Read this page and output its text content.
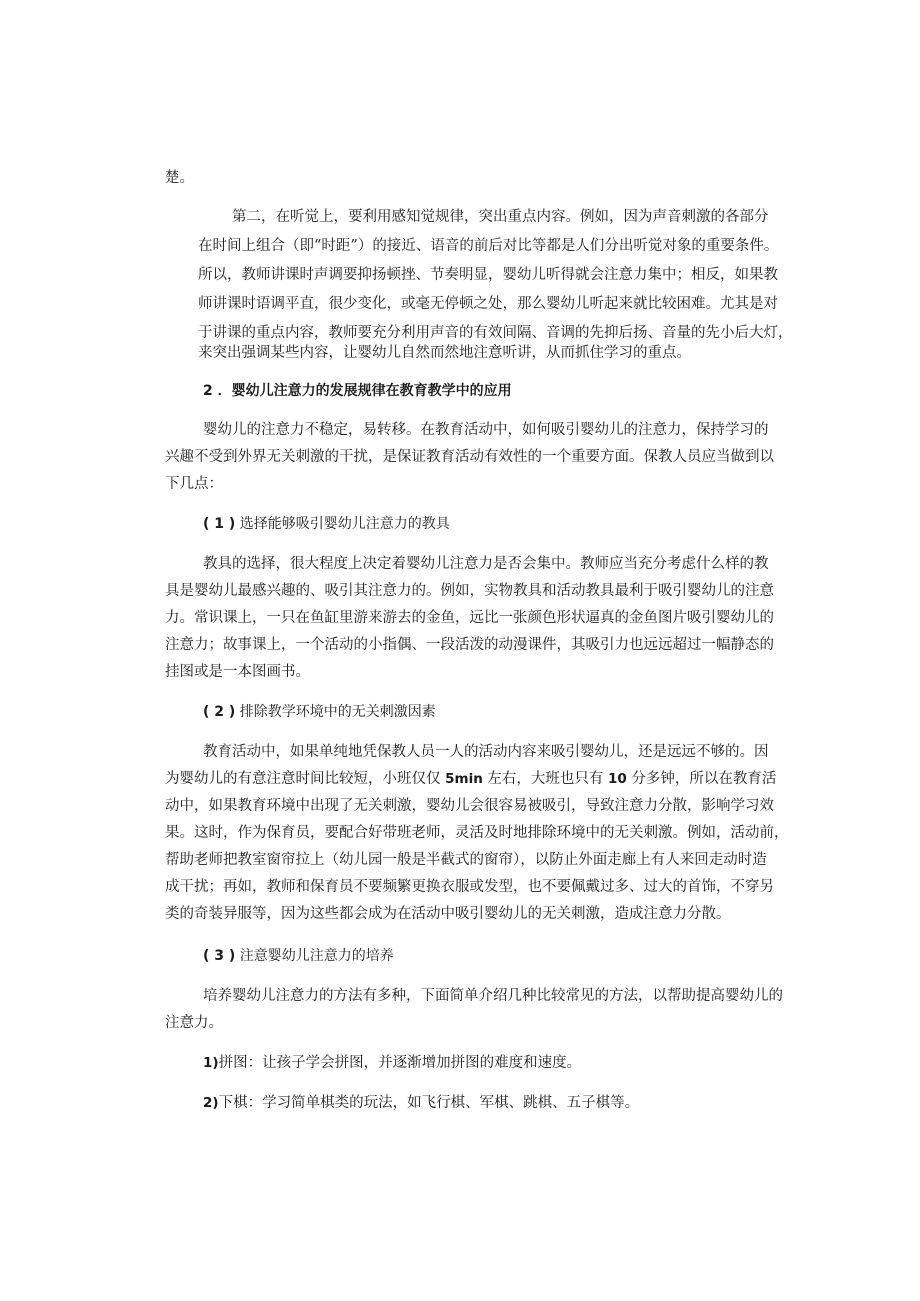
楚。
第二，在听觉上，要利用感知觉规律，突出重点内容。例如，因为声音刺激的各部分
在时间上组合（即“时距”）的接近、语音的前后对比等都是人们分出听觉对象的重要条件。
所以，教师讲课时声调要抑扬顿挫、节奏明显，婴幼儿听得就会注意力集中；相反，如果教
师讲课时语调平直，很少变化，或毫无停顿之处，那么婴幼儿听起来就比较困难。尤其是对
于讲课的重点内容，教师要充分利用声音的有效间隔、音调的先抑后扬、音量的先小后大灯，
来突出强调某些内容，让婴幼儿自然而然地注意听讲，从而抓住学习的重点。
2 ．婴幼儿注意力的发展规律在教育教学中的应用
婴幼儿的注意力不稳定，易转移。在教育活动中，如何吸引婴幼儿的注意力，保持学习的
兴趣不受到外界无关刺激的干扰，是保证教育活动有效性的一个重要方面。保教人员应当做到以
下几点：
( 1 ) 选择能够吸引婴幼儿注意力的教具
教具的选择，很大程度上决定着婴幼儿注意力是否会集中。教师应当充分考虑什么样的教
具是婴幼儿最感兴趣的、吸引其注意力的。例如，实物教具和活动教具最利于吸引婴幼儿的注意
力。常识课上，一只在鱼缸里游来游去的金鱼，远比一张颜色形状逼真的金鱼图片吸引婴幼儿的
注意力；故事课上，一个活动的小指偶、一段活泼的动漫课件，其吸引力也远远超过一幅静态的
挂图或是一本图画书。
( 2 ) 排除教学环境中的无关刺激因素
教育活动中，如果单纯地凭保教人员一人的活动内容来吸引婴幼儿，还是远远不够的。因
为婴幼儿的有意注意时间比较短，小班仅仅 5min 左右，大班也只有 10 分多钟，所以在教育活
动中，如果教育环境中出现了无关刺激，婴幼儿会很容易被吸引，导致注意力分散，影响学习效
果。这时，作为保育员，要配合好带班老师，灵活及时地排除环境中的无关刺激。例如，活动前，
帮助老师把教室窗帘拉上（幼儿园一般是半截式的窗帘），以防止外面走廊上有人来回走动时造
成干扰；再如，教师和保育员不要频繁更换衣服或发型，也不要佩戴过多、过大的首饰，不穿另
类的奇装异服等，因为这些都会成为在活动中吸引婴幼儿的无关刺激，造成注意力分散。
( 3 ) 注意婴幼儿注意力的培养
培养婴幼儿注意力的方法有多种，下面简单介绍几种比较常见的方法，以帮助提高婴幼儿的
注意力。
1)拼图：让孩子学会拼图，并逐渐增加拼图的难度和速度。
2)下棋：学习简单棋类的玩法，如飞行棋、军棋、跳棋、五子棋等。
